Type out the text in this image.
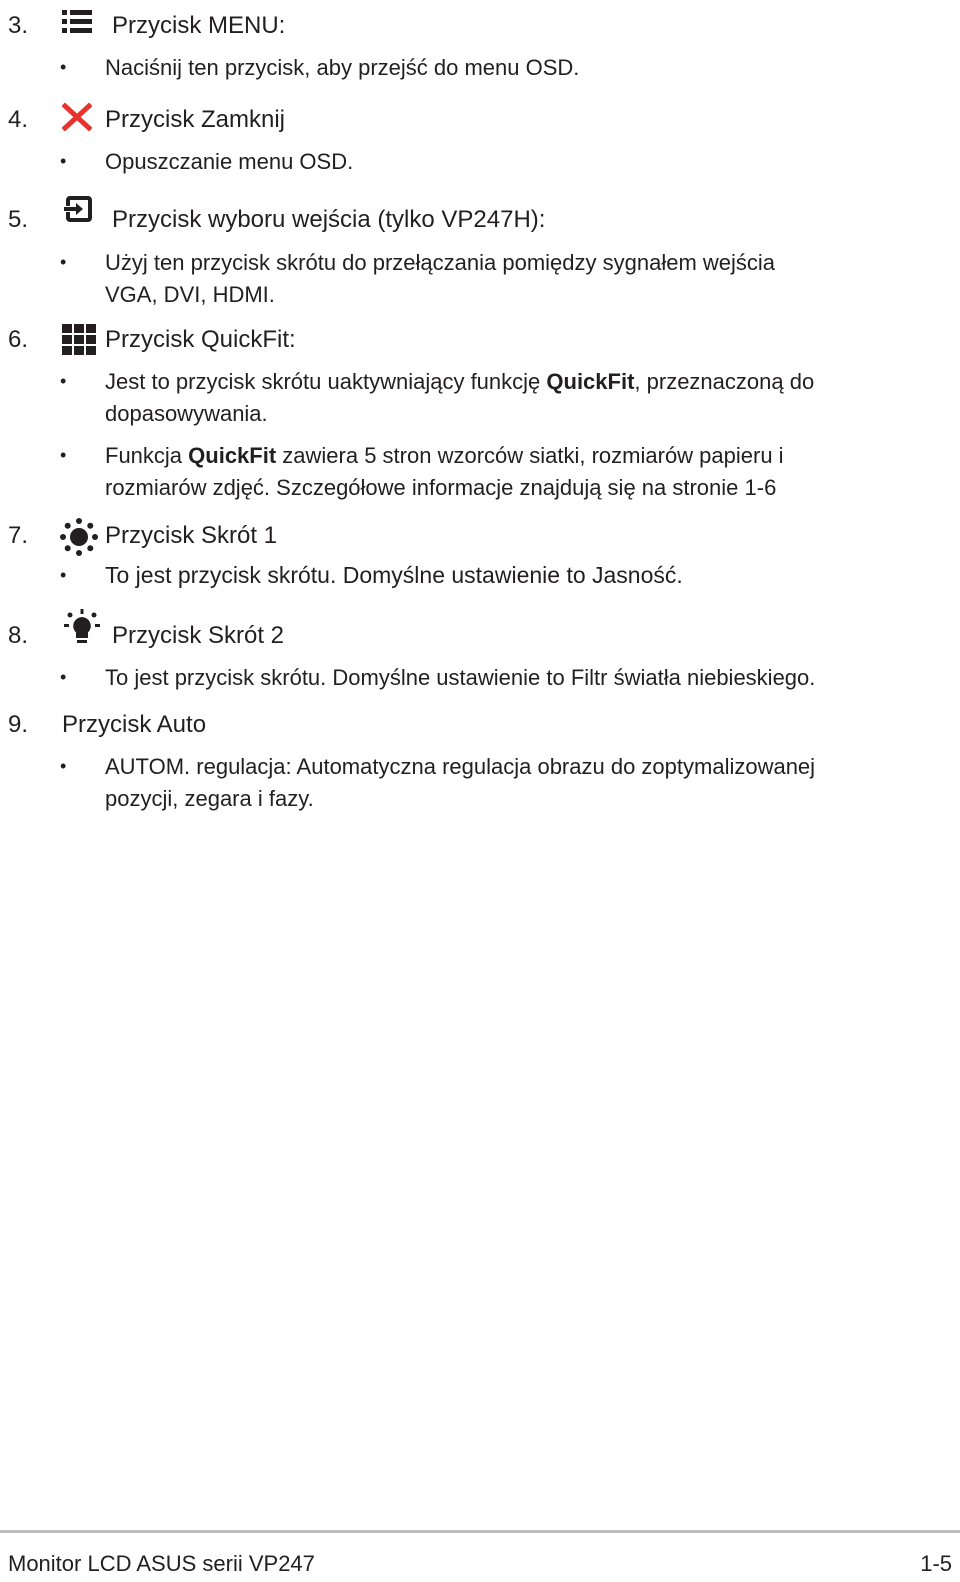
3.	Przycisk MENU:
• Naciśnij ten przycisk, aby przejść do menu OSD.
4.	Przycisk Zamknij
• Opuszczanie menu OSD.
5.	Przycisk wyboru wejścia (tylko VP247H):
• Użyj ten przycisk skrótu do przełączania pomiędzy sygnałem wejścia
VGA, DVI, HDMI.
6.	Przycisk QuickFit:
• Jest to przycisk skrótu uaktywniający funkcję QuickFit, przeznaczoną do
dopasowywania.
• Funkcja QuickFit zawiera 5 stron wzorców siatki, rozmiarów papieru i
rozmiarów zdjęć. Szczegółowe informacje znajdują się na stronie 1-6
7.	Przycisk Skrót 1
• To jest przycisk skrótu. Domyślne ustawienie to Jasność.
8.	Przycisk Skrót 2
• To jest przycisk skrótu. Domyślne ustawienie to Filtr światła niebieskiego.
9. Przycisk Auto
• AUTOM. regulacja: Automatyczna regulacja obrazu do zoptymalizowanej
pozycji, zegara i fazy.
Monitor LCD ASUS serii VP247	1-5
